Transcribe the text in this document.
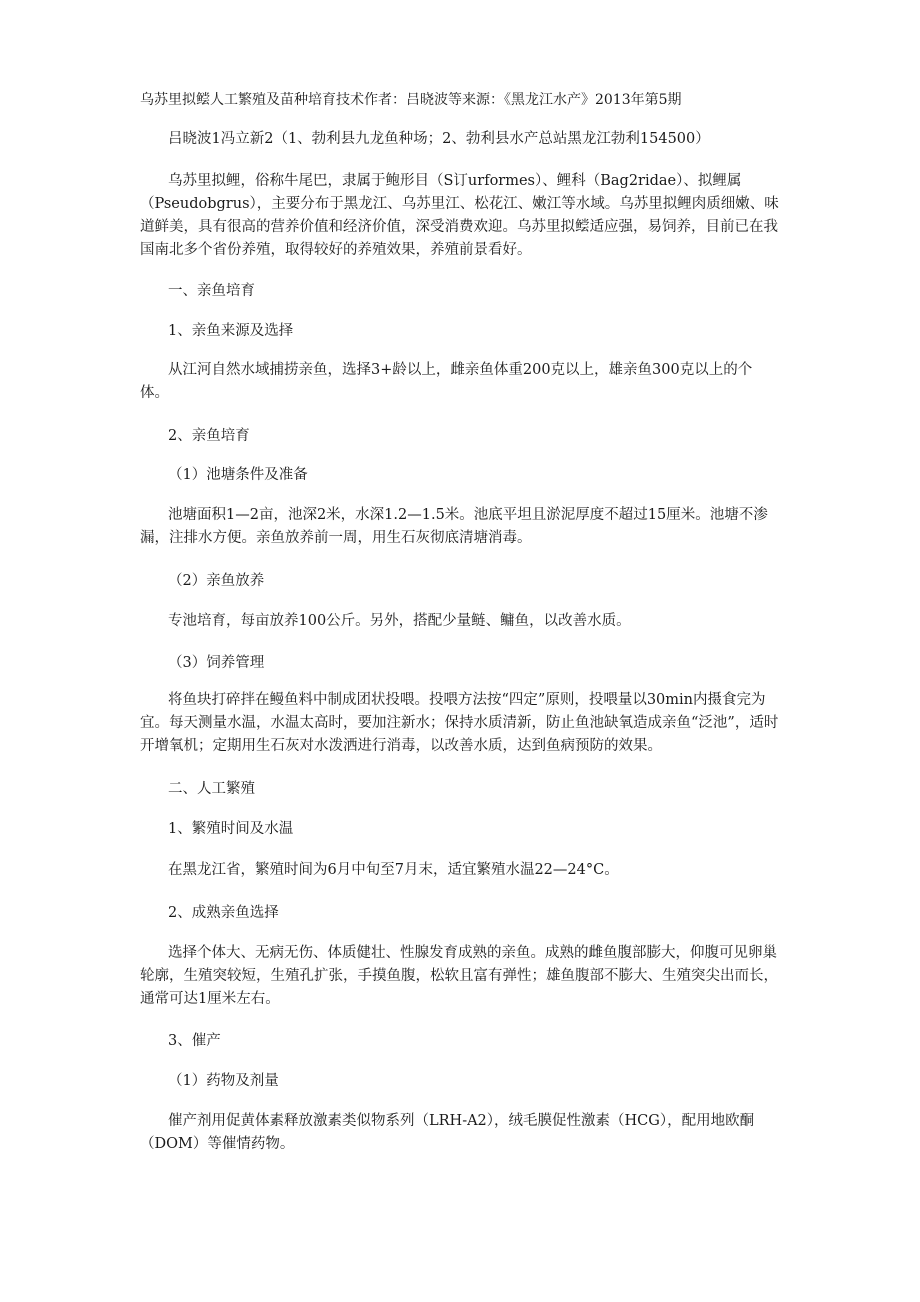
乌苏里拟鲿人工繁殖及苗种培育技术作者：吕晓波等来源：《黑龙江水产》2013年第5期
吕晓波1冯立新2（1、勃利县九龙鱼种场；2、勃利县水产总站黑龙江勃利154500）

乌苏里拟鲤，俗称牛尾巴，隶属于鲍形目（S订urformes）、鲤科（Bag2ridae）、拟鲤属（Pseudobgrus），主要分布于黑龙江、乌苏里江、松花江、嫩江等水域。乌苏里拟鲤肉质细嫩、味道鲜美，具有很高的营养价值和经济价值，深受消费欢迎。乌苏里拟鲿适应强，易饲养，目前已在我国南北多个省份养殖，取得较好的养殖效果，养殖前景看好。

一、亲鱼培育
1、亲鱼来源及选择

从江河自然水域捕捞亲鱼，选择3+龄以上，雌亲鱼体重200克以上，雄亲鱼300克以上的个体。

2、亲鱼培育
（1）池塘条件及准备

池塘面积1—2亩，池深2米，水深1.2—1.5米。池底平坦且淤泥厚度不超过15厘米。池塘不渗漏，注排水方便。亲鱼放养前一周，用生石灰彻底清塘消毒。

（2）亲鱼放养

专池培育，每亩放养100公斤。另外，搭配少量鲢、鳙鱼，以改善水质。

（3）饲养管理

将鱼块打碎拌在鳗鱼料中制成团状投喂。投喂方法按“四定”原则，投喂量以30min内摄食完为宜。每天测量水温，水温太高时，要加注新水；保持水质清新，防止鱼池缺氧造成亲鱼“泛池”，适时开增氧机；定期用生石灰对水泼洒进行消毒，以改善水质，达到鱼病预防的效果。

二、人工繁殖
1、繁殖时间及水温

在黑龙江省，繁殖时间为6月中旬至7月末，适宜繁殖水温22—24°C。

2、成熟亲鱼选择

选择个体大、无病无伤、体质健壮、性腺发育成熟的亲鱼。成熟的雌鱼腹部膨大，仰腹可见卵巢轮廓，生殖突较短，生殖孔扩张，手摸鱼腹，松软且富有弹性；雄鱼腹部不膨大、生殖突尖出而长，通常可达1厘米左右。

3、催产
（1）药物及剂量

催产剂用促黄体素释放激素类似物系列（LRH-A2），绒毛膜促性激素（HCG），配用地欧酮（DOM）等催情药物。
